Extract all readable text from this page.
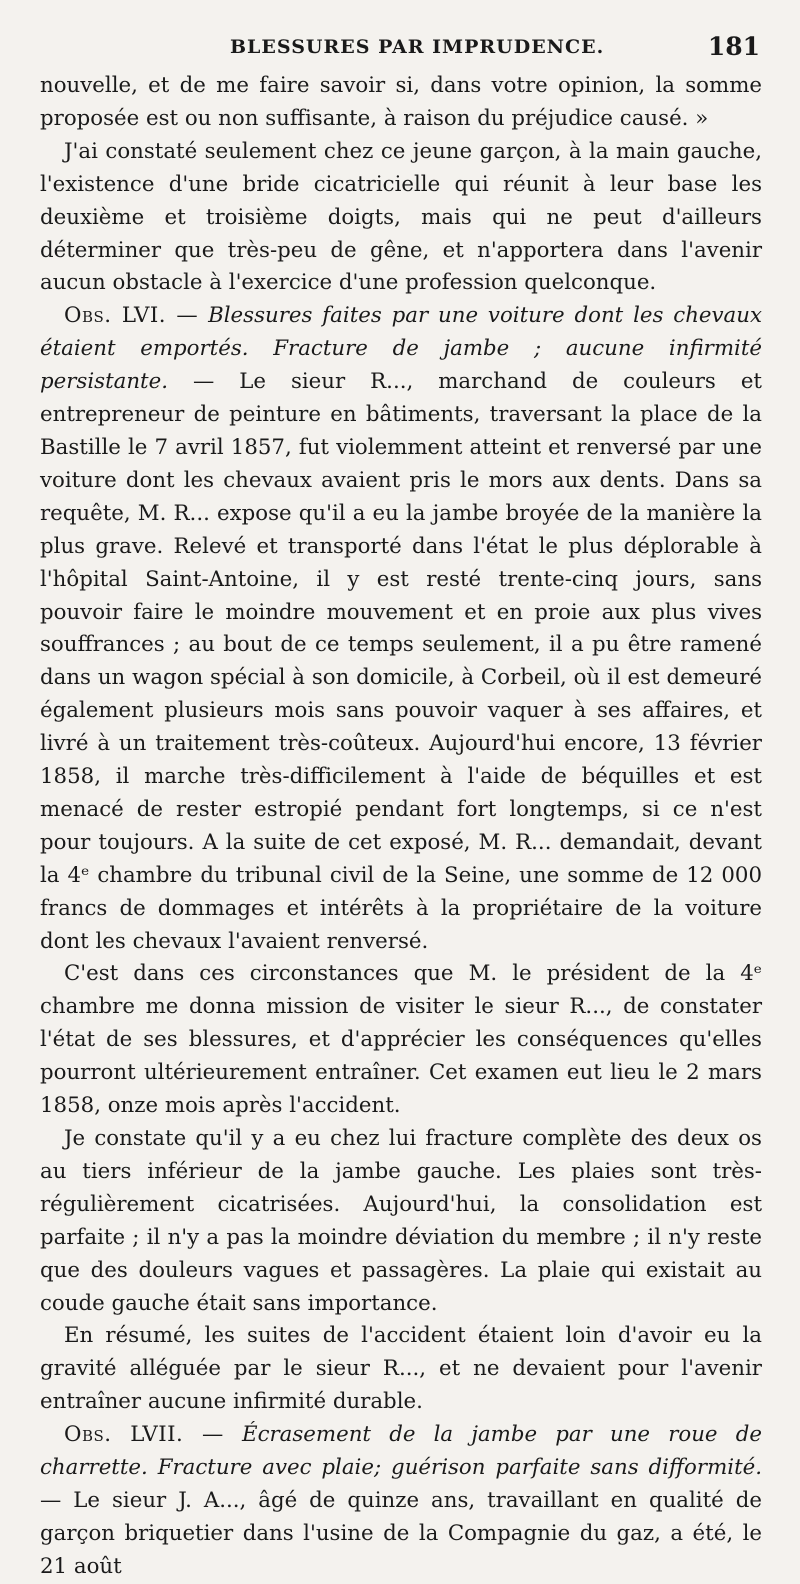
BLESSURES PAR IMPRUDENCE.	181

nouvelle, et de me faire savoir si, dans votre opinion, la somme proposée est ou non suffisante, à raison du préjudice causé. »

J'ai constaté seulement chez ce jeune garçon, à la main gauche, l'existence d'une bride cicatricielle qui réunit à leur base les deuxième et troisième doigts, mais qui ne peut d'ailleurs déterminer que très-peu de gêne, et n'apportera dans l'avenir aucun obstacle à l'exercice d'une profession quelconque.

Obs. LVI. — Blessures faites par une voiture dont les chevaux étaient emportés. Fracture de jambe ; aucune infirmité persistante. — Le sieur R..., marchand de couleurs et entrepreneur de peinture en bâtiments, traversant la place de la Bastille le 7 avril 1857, fut violemment atteint et renversé par une voiture dont les chevaux avaient pris le mors aux dents. Dans sa requête, M. R... expose qu'il a eu la jambe broyée de la manière la plus grave. Relevé et transporté dans l'état le plus déplorable à l'hôpital Saint-Antoine, il y est resté trente-cinq jours, sans pouvoir faire le moindre mouvement et en proie aux plus vives souffrances ; au bout de ce temps seulement, il a pu être ramené dans un wagon spécial à son domicile, à Corbeil, où il est demeuré également plusieurs mois sans pouvoir vaquer à ses affaires, et livré à un traitement très-coûteux. Aujourd'hui encore, 13 février 1858, il marche très-difficilement à l'aide de béquilles et est menacé de rester estropié pendant fort longtemps, si ce n'est pour toujours. A la suite de cet exposé, M. R... demandait, devant la 4ᵉ chambre du tribunal civil de la Seine, une somme de 12 000 francs de dommages et intérêts à la propriétaire de la voiture dont les chevaux l'avaient renversé.

C'est dans ces circonstances que M. le président de la 4ᵉ chambre me donna mission de visiter le sieur R..., de constater l'état de ses blessures, et d'apprécier les conséquences qu'elles pourront ultérieurement entraîner. Cet examen eut lieu le 2 mars 1858, onze mois après l'accident.

Je constate qu'il y a eu chez lui fracture complète des deux os au tiers inférieur de la jambe gauche. Les plaies sont très-régulièrement cicatrisées. Aujourd'hui, la consolidation est parfaite ; il n'y a pas la moindre déviation du membre ; il n'y reste que des douleurs vagues et passagères. La plaie qui existait au coude gauche était sans importance.

En résumé, les suites de l'accident étaient loin d'avoir eu la gravité alléguée par le sieur R..., et ne devaient pour l'avenir entraîner aucune infirmité durable.

Obs. LVII. — Écrasement de la jambe par une roue de charrette. Fracture avec plaie; guérison parfaite sans difformité. — Le sieur J. A..., âgé de quinze ans, travaillant en qualité de garçon briquetier dans l'usine de la Compagnie du gaz, a été, le 21 août
